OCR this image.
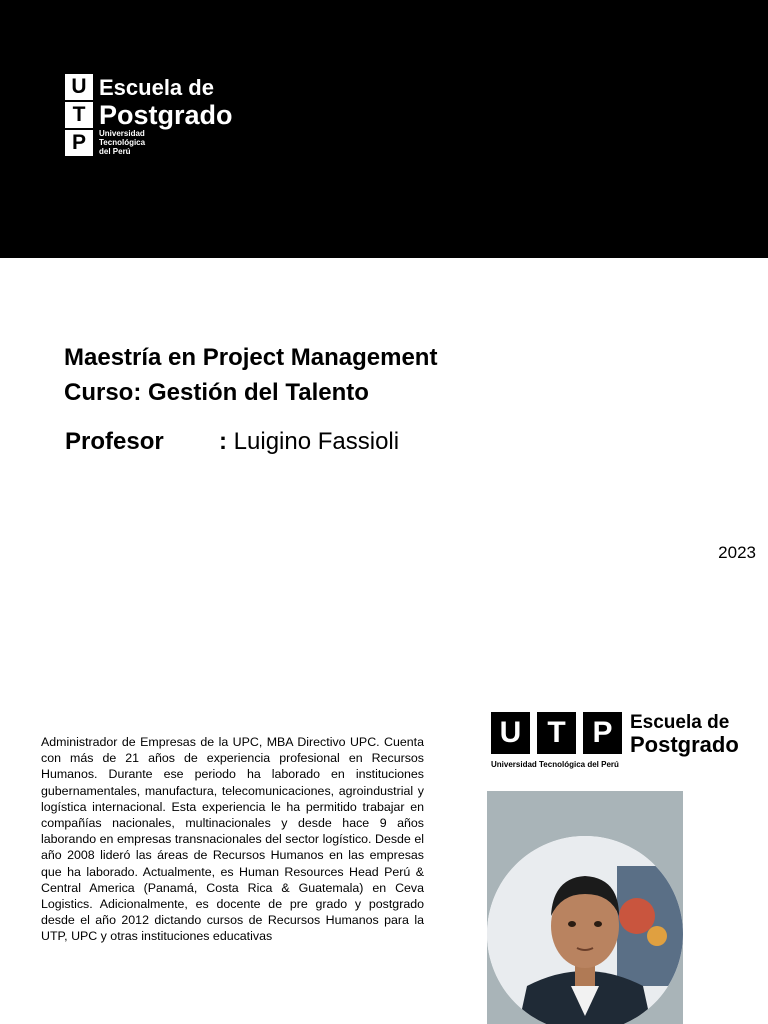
U
T
P
Escuela de
Postgrado
Universidad
Tecnológica
del Perú
Maestría en Project Management
Curso: Gestión del Talento
Profesor : Luigino Fassioli
2023
Administrador de Empresas de la UPC, MBA Directivo UPC. Cuenta con más de 21 años de experiencia profesional en Recursos Humanos. Durante ese periodo ha laborado en instituciones gubernamentales, manufactura, telecomunicaciones, agroindustrial y logística internacional. Esta experiencia le ha permitido trabajar en compañías nacionales, multinacionales y desde hace 9 años laborando en empresas transnacionales del sector logístico. Desde el año 2008 lideró las áreas de Recursos Humanos en las empresas que ha laborado. Actualmente, es Human Resources Head Perú & Central America (Panamá, Costa Rica & Guatemala) en Ceva Logistics. Adicionalmente, es docente de pre grado y postgrado desde el año 2012 dictando cursos de Recursos Humanos para la UTP, UPC y otras instituciones educativas
U T P Escuela de
Postgrado
Universidad Tecnológica del Perú
